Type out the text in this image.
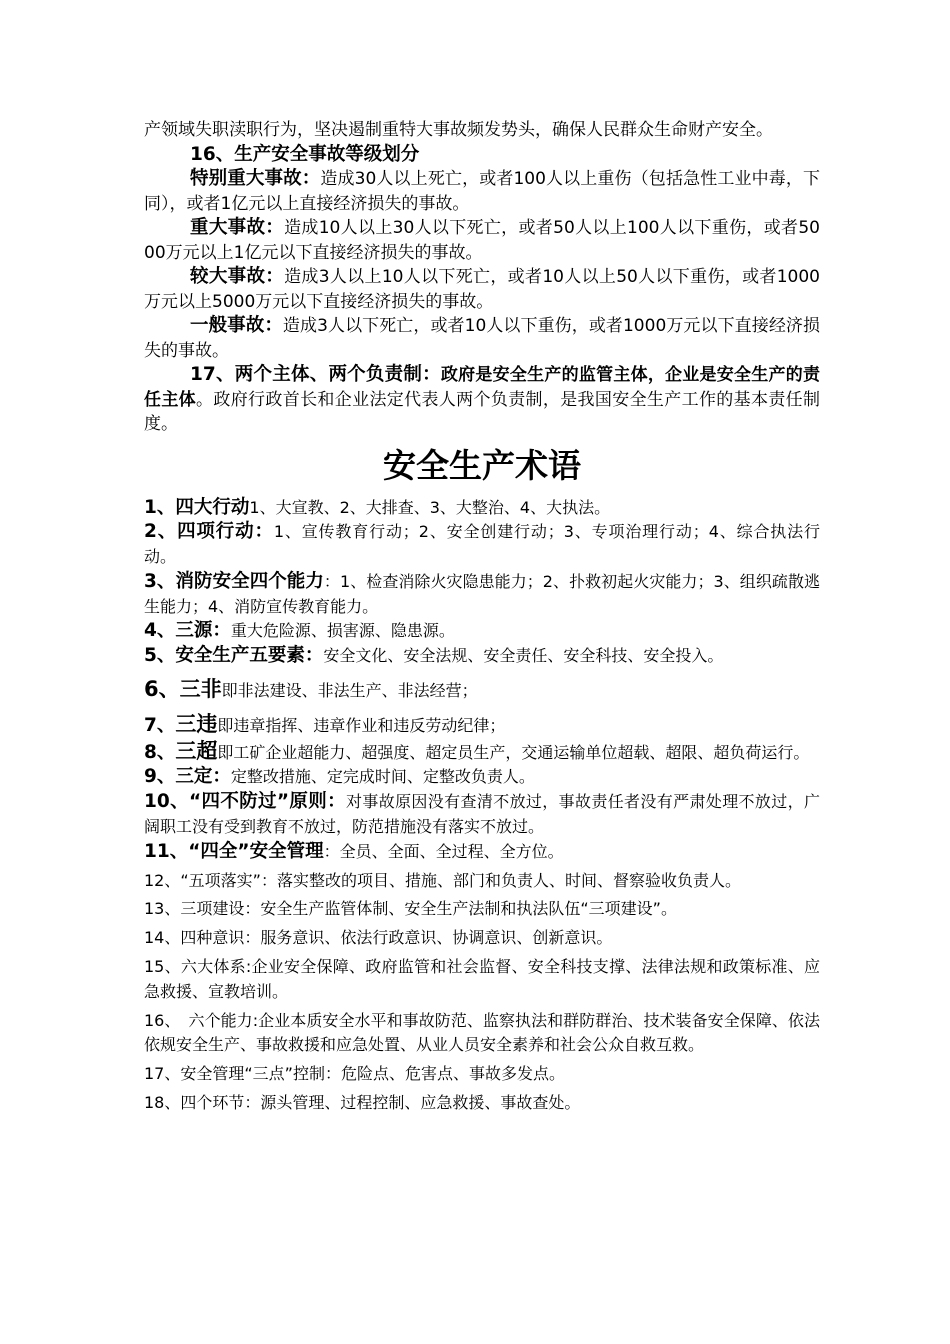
产领域失职渎职行为，坚决遏制重特大事故频发势头，确保人民群众生命财产安全。

16、生产安全事故等级划分

特别重大事故：造成30人以上死亡，或者100人以上重伤（包括急性工业中毒，下同），或者1亿元以上直接经济损失的事故。

重大事故：造成10人以上30人以下死亡，或者50人以上100人以下重伤，或者5000万元以上1亿元以下直接经济损失的事故。

较大事故：造成3人以上10人以下死亡，或者10人以上50人以下重伤，或者1000万元以上5000万元以下直接经济损失的事故。

一般事故：造成3人以下死亡，或者10人以下重伤，或者1000万元以下直接经济损失的事故。

17、两个主体、两个负责制：政府是安全生产的监管主体，企业是安全生产的责任主体。政府行政首长和企业法定代表人两个负责制，是我国安全生产工作的基本责任制度。

安全生产术语

1、四大行动1、大宣教、2、大排查、3、大整治、4、大执法。

2、四项行动：1、宣传教育行动；2、安全创建行动；3、专项治理行动；4、综合执法行动。

3、消防安全四个能力：1、检查消除火灾隐患能力；2、扑救初起火灾能力；3、组织疏散逃生能力；4、消防宣传教育能力。

4、三源：重大危险源、损害源、隐患源。

5、安全生产五要素：安全文化、安全法规、安全责任、安全科技、安全投入。

6、三非即非法建设、非法生产、非法经营；

7、三违即违章指挥、违章作业和违反劳动纪律；

8、三超即工矿企业超能力、超强度、超定员生产，交通运输单位超载、超限、超负荷运行。

9、三定：定整改措施、定完成时间、定整改负责人。

10、“四不防过”原则：对事故原因没有查清不放过，事故责任者没有严肃处理不放过，广阔职工没有受到教育不放过，防范措施没有落实不放过。

11、“四全”安全管理：全员、全面、全过程、全方位。

12、“五项落实”：落实整改的项目、措施、部门和负责人、时间、督察验收负责人。

13、三项建设：安全生产监管体制、安全生产法制和执法队伍“三项建设”。

14、四种意识：服务意识、依法行政意识、协调意识、创新意识。

15、六大体系:企业安全保障、政府监管和社会监督、安全科技支撑、法律法规和政策标准、应急救援、宣教培训。

16、　六个能力:企业本质安全水平和事故防范、监察执法和群防群治、技术装备安全保障、依法依规安全生产、事故救援和应急处置、从业人员安全素养和社会公众自救互救。

17、安全管理“三点”控制：危险点、危害点、事故多发点。

18、四个环节：源头管理、过程控制、应急救援、事故查处。
